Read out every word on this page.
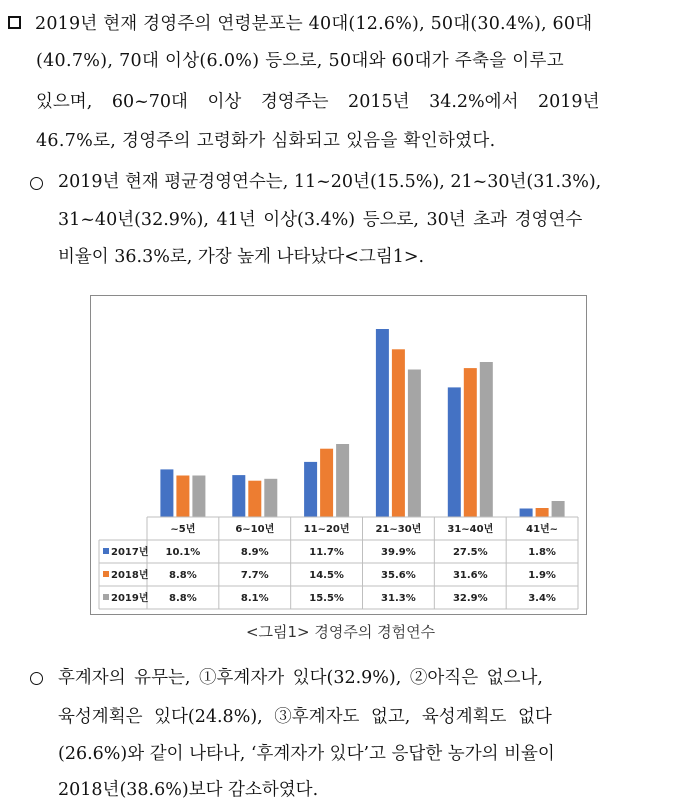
2019년 현재 경영주의 연령분포는 40대(12.6%), 50대(30.4%), 60대
(40.7%), 70대 이상(6.0%) 등으로, 50대와 60대가 주축을 이루고
있으며, 60~70대 이상 경영주는 2015년 34.2%에서 2019년
46.7%로, 경영주의 고령화가 심화되고 있음을 확인하였다.
2019년 현재 평균경영연수는, 11~20년(15.5%), 21~30년(31.3%),
31~40년(32.9%), 41년 이상(3.4%) 등으로, 30년 초과 경영연수
비율이 36.3%로, 가장 높게 나타났다<그림1>.
~5년	6~10년	11~20년	21~30년	31~40년	41년~
2017년 10.1%	8.9%	11.7%	39.9%	27.5%	1.8%
2018년 8.8%	7.7%	14.5%	35.6%	31.6%	1.9%
2019년 8.8%	8.1%	15.5%	31.3%	32.9%	3.4%
<그림1> 경영주의 경험연수
후계자의 유무는, ①후계자가 있다(32.9%), ②아직은 없으나,
육성계획은 있다(24.8%), ③후계자도 없고, 육성계획도 없다
(26.6%)와 같이 나타나, ‘후계자가 있다’고 응답한 농가의 비율이
2018년(38.6%)보다 감소하였다.
